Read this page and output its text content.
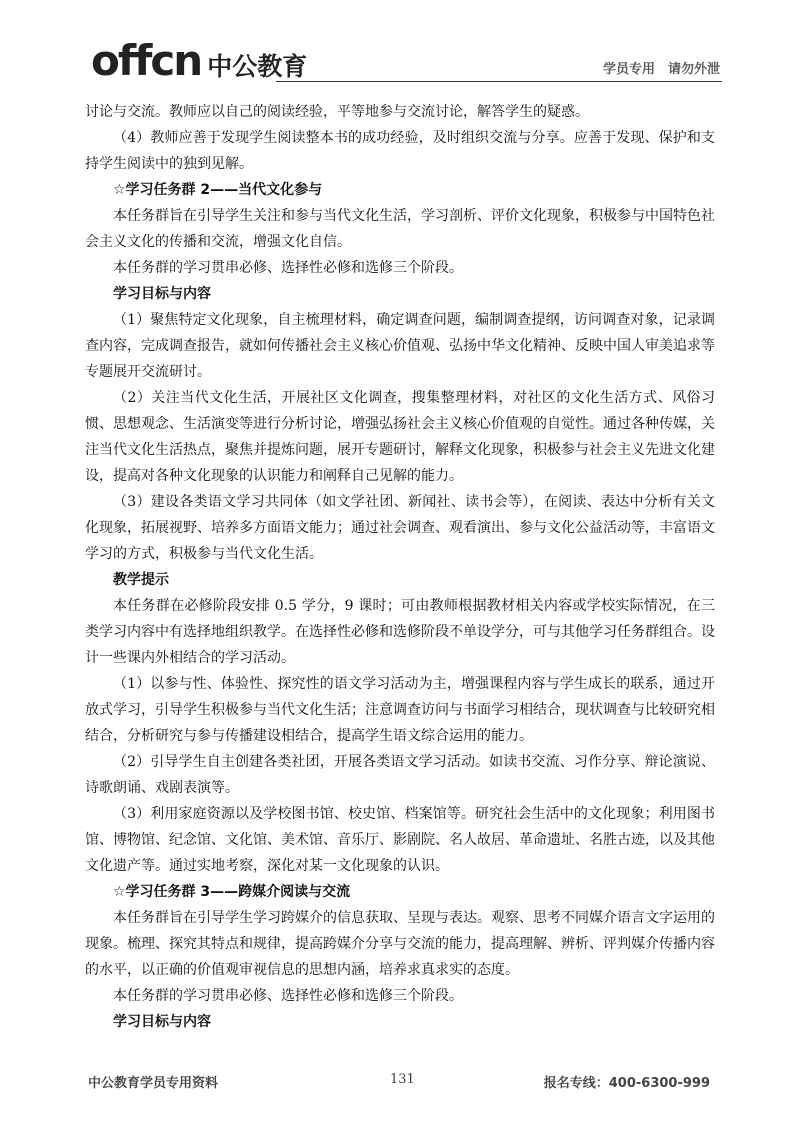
offcn 中公教育	学员专用　请勿外泄

讨论与交流。教师应以自己的阅读经验，平等地参与交流讨论，解答学生的疑惑。

（4）教师应善于发现学生阅读整本书的成功经验，及时组织交流与分享。应善于发现、保护和支持学生阅读中的独到见解。

☆学习任务群 2——当代文化参与

本任务群旨在引导学生关注和参与当代文化生活，学习剖析、评价文化现象，积极参与中国特色社会主义文化的传播和交流，增强文化自信。

本任务群的学习贯串必修、选择性必修和选修三个阶段。

学习目标与内容

（1）聚焦特定文化现象，自主梳理材料，确定调查问题，编制调查提纲，访问调查对象，记录调查内容，完成调查报告，就如何传播社会主义核心价值观、弘扬中华文化精神、反映中国人审美追求等专题展开交流研讨。

（2）关注当代文化生活，开展社区文化调查，搜集整理材料，对社区的文化生活方式、风俗习惯、思想观念、生活演变等进行分析讨论，增强弘扬社会主义核心价值观的自觉性。通过各种传媒，关注当代文化生活热点，聚焦并提炼问题，展开专题研讨，解释文化现象，积极参与社会主义先进文化建设，提高对各种文化现象的认识能力和阐释自己见解的能力。

（3）建设各类语文学习共同体（如文学社团、新闻社、读书会等），在阅读、表达中分析有关文化现象，拓展视野、培养多方面语文能力；通过社会调查、观看演出、参与文化公益活动等，丰富语文学习的方式，积极参与当代文化生活。

教学提示

本任务群在必修阶段安排 0.5 学分，9 课时；可由教师根据教材相关内容或学校实际情况，在三类学习内容中有选择地组织教学。在选择性必修和选修阶段不单设学分，可与其他学习任务群组合。设计一些课内外相结合的学习活动。

（1）以参与性、体验性、探究性的语文学习活动为主，增强课程内容与学生成长的联系，通过开放式学习，引导学生积极参与当代文化生活；注意调查访问与书面学习相结合，现状调查与比较研究相结合，分析研究与参与传播建设相结合，提高学生语文综合运用的能力。

（2）引导学生自主创建各类社团，开展各类语文学习活动。如读书交流、习作分享、辩论演说、诗歌朗诵、戏剧表演等。

（3）利用家庭资源以及学校图书馆、校史馆、档案馆等。研究社会生活中的文化现象；利用图书馆、博物馆、纪念馆、文化馆、美术馆、音乐厅、影剧院、名人故居、革命遗址、名胜古迹，以及其他文化遗产等。通过实地考察，深化对某一文化现象的认识。

☆学习任务群 3——跨媒介阅读与交流

本任务群旨在引导学生学习跨媒介的信息获取、呈现与表达。观察、思考不同媒介语言文字运用的现象。梳理、探究其特点和规律，提高跨媒介分享与交流的能力，提高理解、辨析、评判媒介传播内容的水平，以正确的价值观审视信息的思想内涵，培养求真求实的态度。

本任务群的学习贯串必修、选择性必修和选修三个阶段。

学习目标与内容

中公教育学员专用资料	131	报名专线：400-6300-999
